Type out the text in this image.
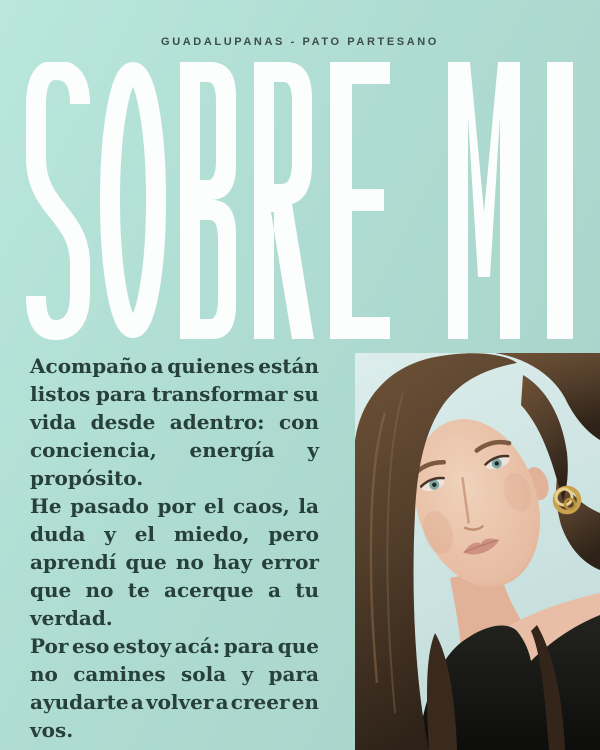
GUADALUPANAS - PATO PARTESANO
Acompaño a quienes están
listos para transformar su
vida desde adentro: con
conciencia, energía y
propósito.
He pasado por el caos, la
duda y el miedo, pero
aprendí que no hay error
que no te acerque a tu
verdad.
Por eso estoy acá: para que
no camines sola y para
ayudarte a volver a creer en
vos.
